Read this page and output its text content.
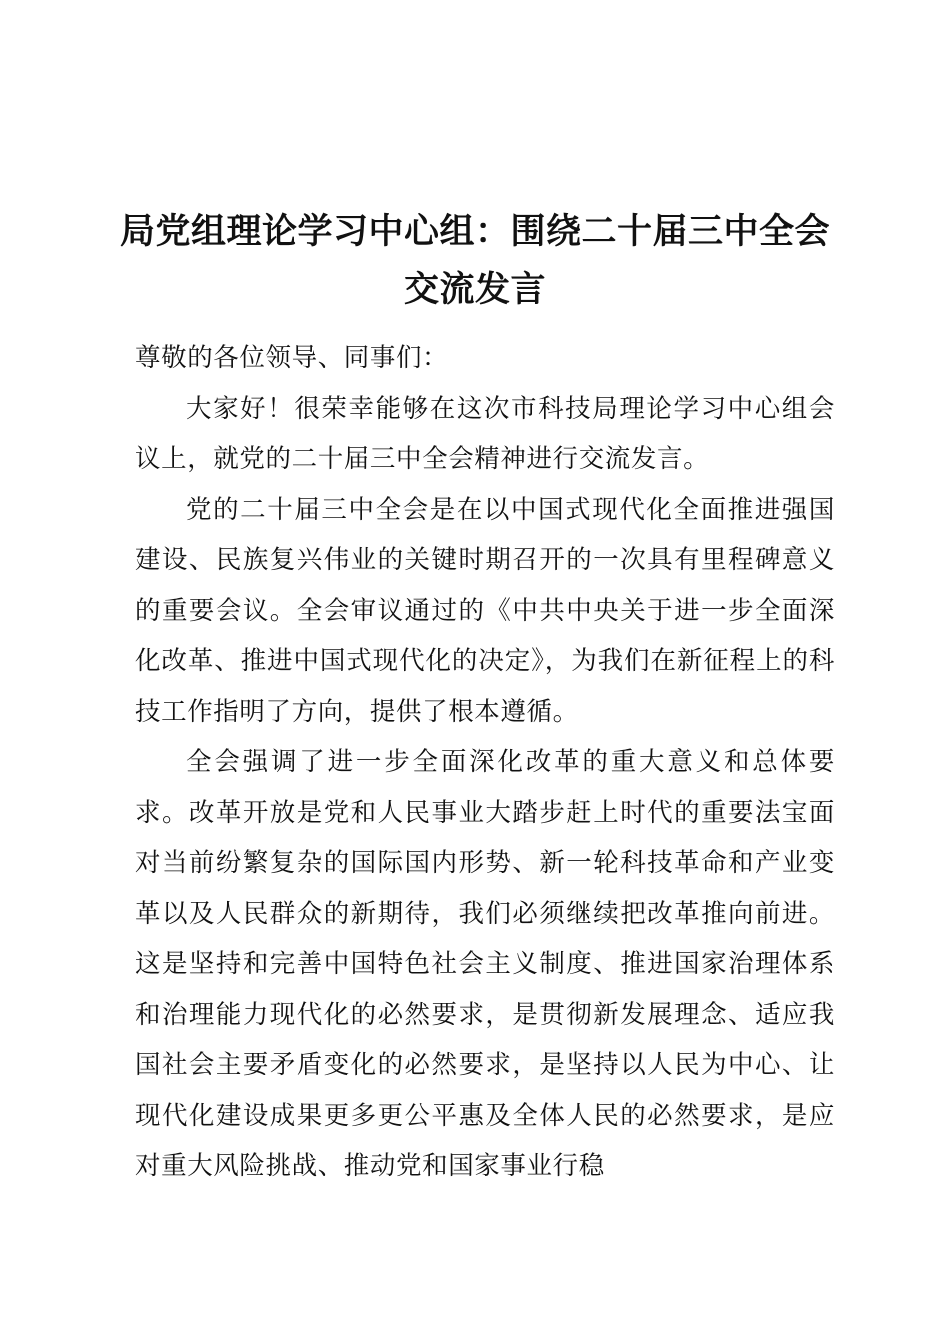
局党组理论学习中心组：围绕二十届三中全会交流发言

尊敬的各位领导、同事们：

大家好！很荣幸能够在这次市科技局理论学习中心组会议上，就党的二十届三中全会精神进行交流发言。

党的二十届三中全会是在以中国式现代化全面推进强国建设、民族复兴伟业的关键时期召开的一次具有里程碑意义的重要会议。全会审议通过的《中共中央关于进一步全面深化改革、推进中国式现代化的决定》，为我们在新征程上的科技工作指明了方向，提供了根本遵循。

全会强调了进一步全面深化改革的重大意义和总体要求。改革开放是党和人民事业大踏步赶上时代的重要法宝面对当前纷繁复杂的国际国内形势、新一轮科技革命和产业变革以及人民群众的新期待，我们必须继续把改革推向前进。这是坚持和完善中国特色社会主义制度、推进国家治理体系和治理能力现代化的必然要求，是贯彻新发展理念、适应我国社会主要矛盾变化的必然要求，是坚持以人民为中心、让现代化建设成果更多更公平惠及全体人民的必然要求，是应对重大风险挑战、推动党和国家事业行稳
